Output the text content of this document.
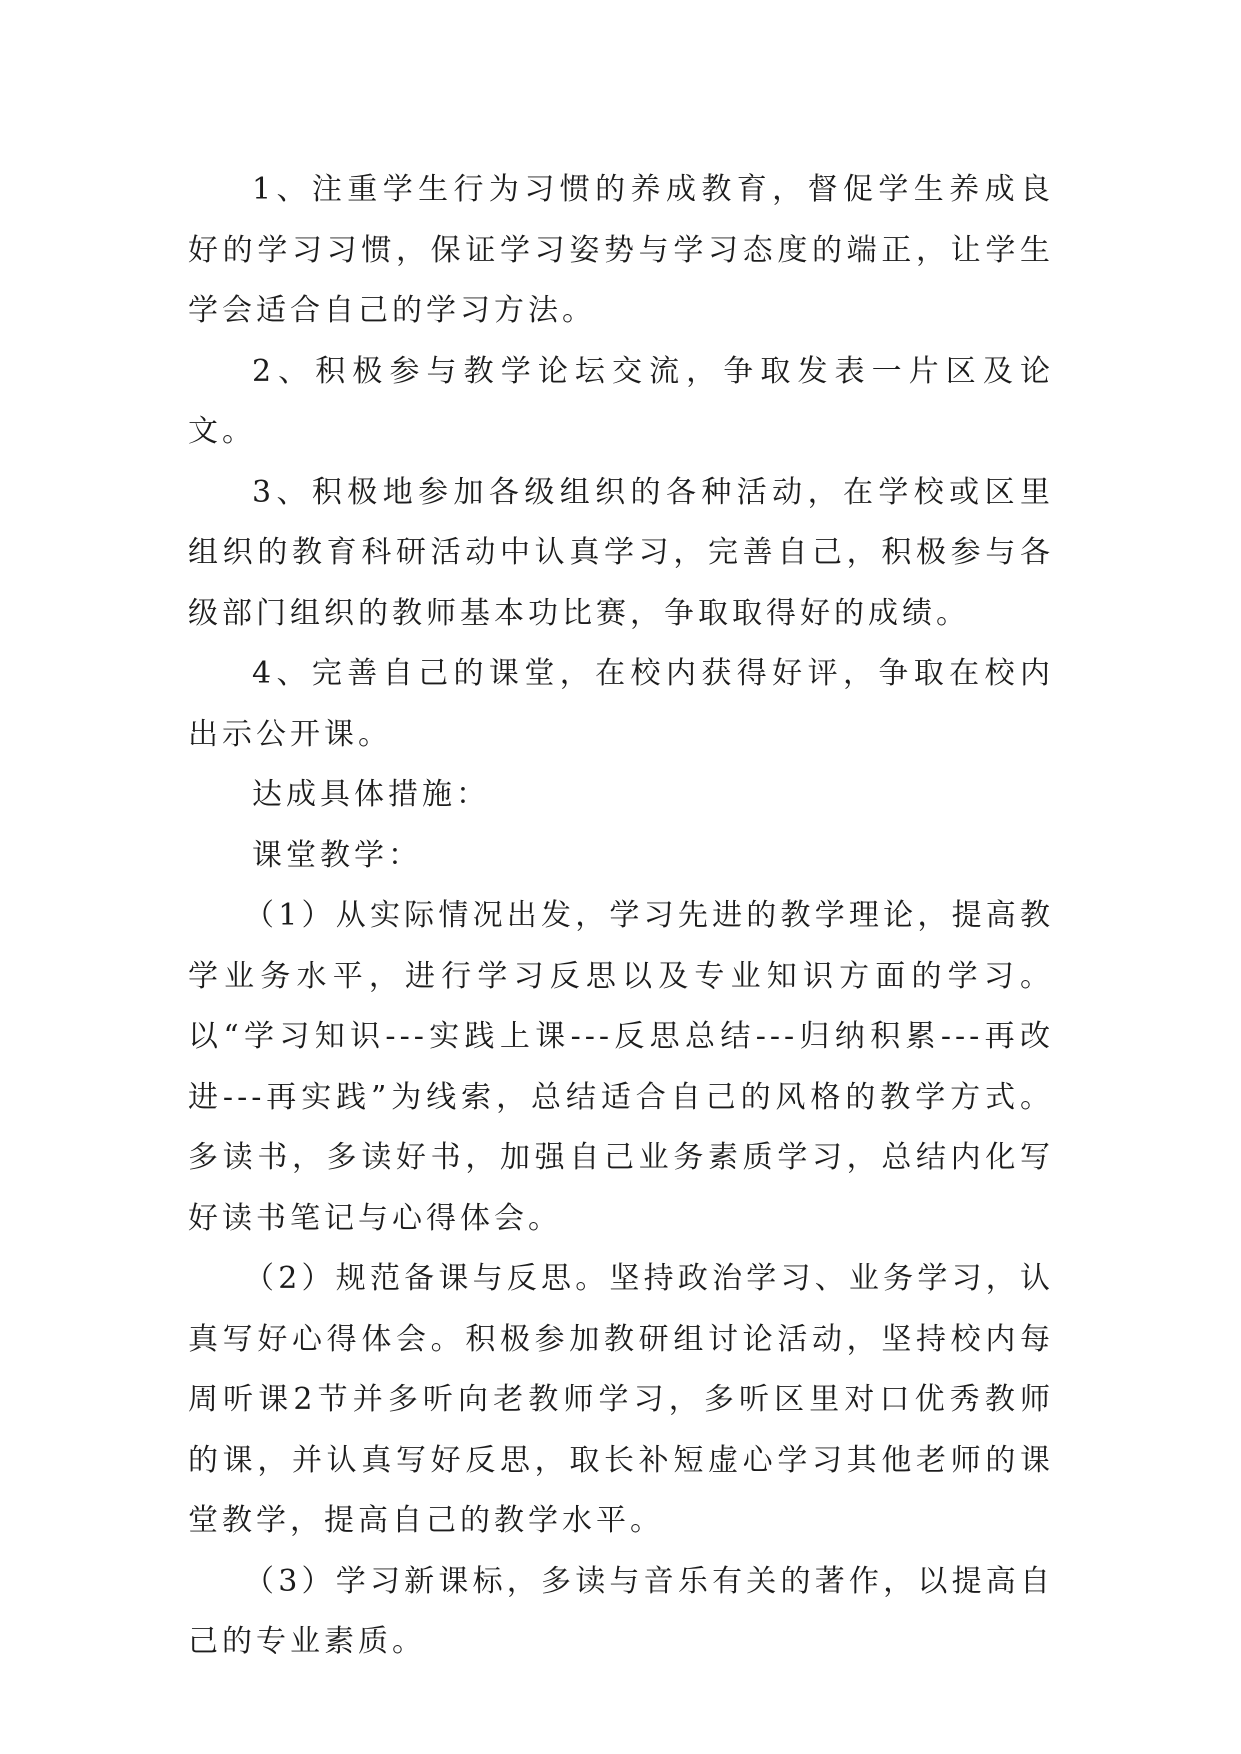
1、注重学生行为习惯的养成教育，督促学生养成良好的学习习惯，保证学习姿势与学习态度的端正，让学生学会适合自己的学习方法。

2、积极参与教学论坛交流，争取发表一片区及论文。

3、积极地参加各级组织的各种活动，在学校或区里组织的教育科研活动中认真学习，完善自己，积极参与各级部门组织的教师基本功比赛，争取取得好的成绩。

4、完善自己的课堂，在校内获得好评，争取在校内出示公开课。

达成具体措施：

课堂教学：

（1）从实际情况出发，学习先进的教学理论，提高教学业务水平，进行学习反思以及专业知识方面的学习。以“学习知识---实践上课---反思总结---归纳积累---再改进---再实践”为线索，总结适合自己的风格的教学方式。多读书，多读好书，加强自己业务素质学习，总结内化写好读书笔记与心得体会。

（2）规范备课与反思。坚持政治学习、业务学习，认真写好心得体会。积极参加教研组讨论活动，坚持校内每周听课2节并多听向老教师学习，多听区里对口优秀教师的课，并认真写好反思，取长补短虚心学习其他老师的课堂教学，提高自己的教学水平。

（3）学习新课标，多读与音乐有关的著作，以提高自己的专业素质。
